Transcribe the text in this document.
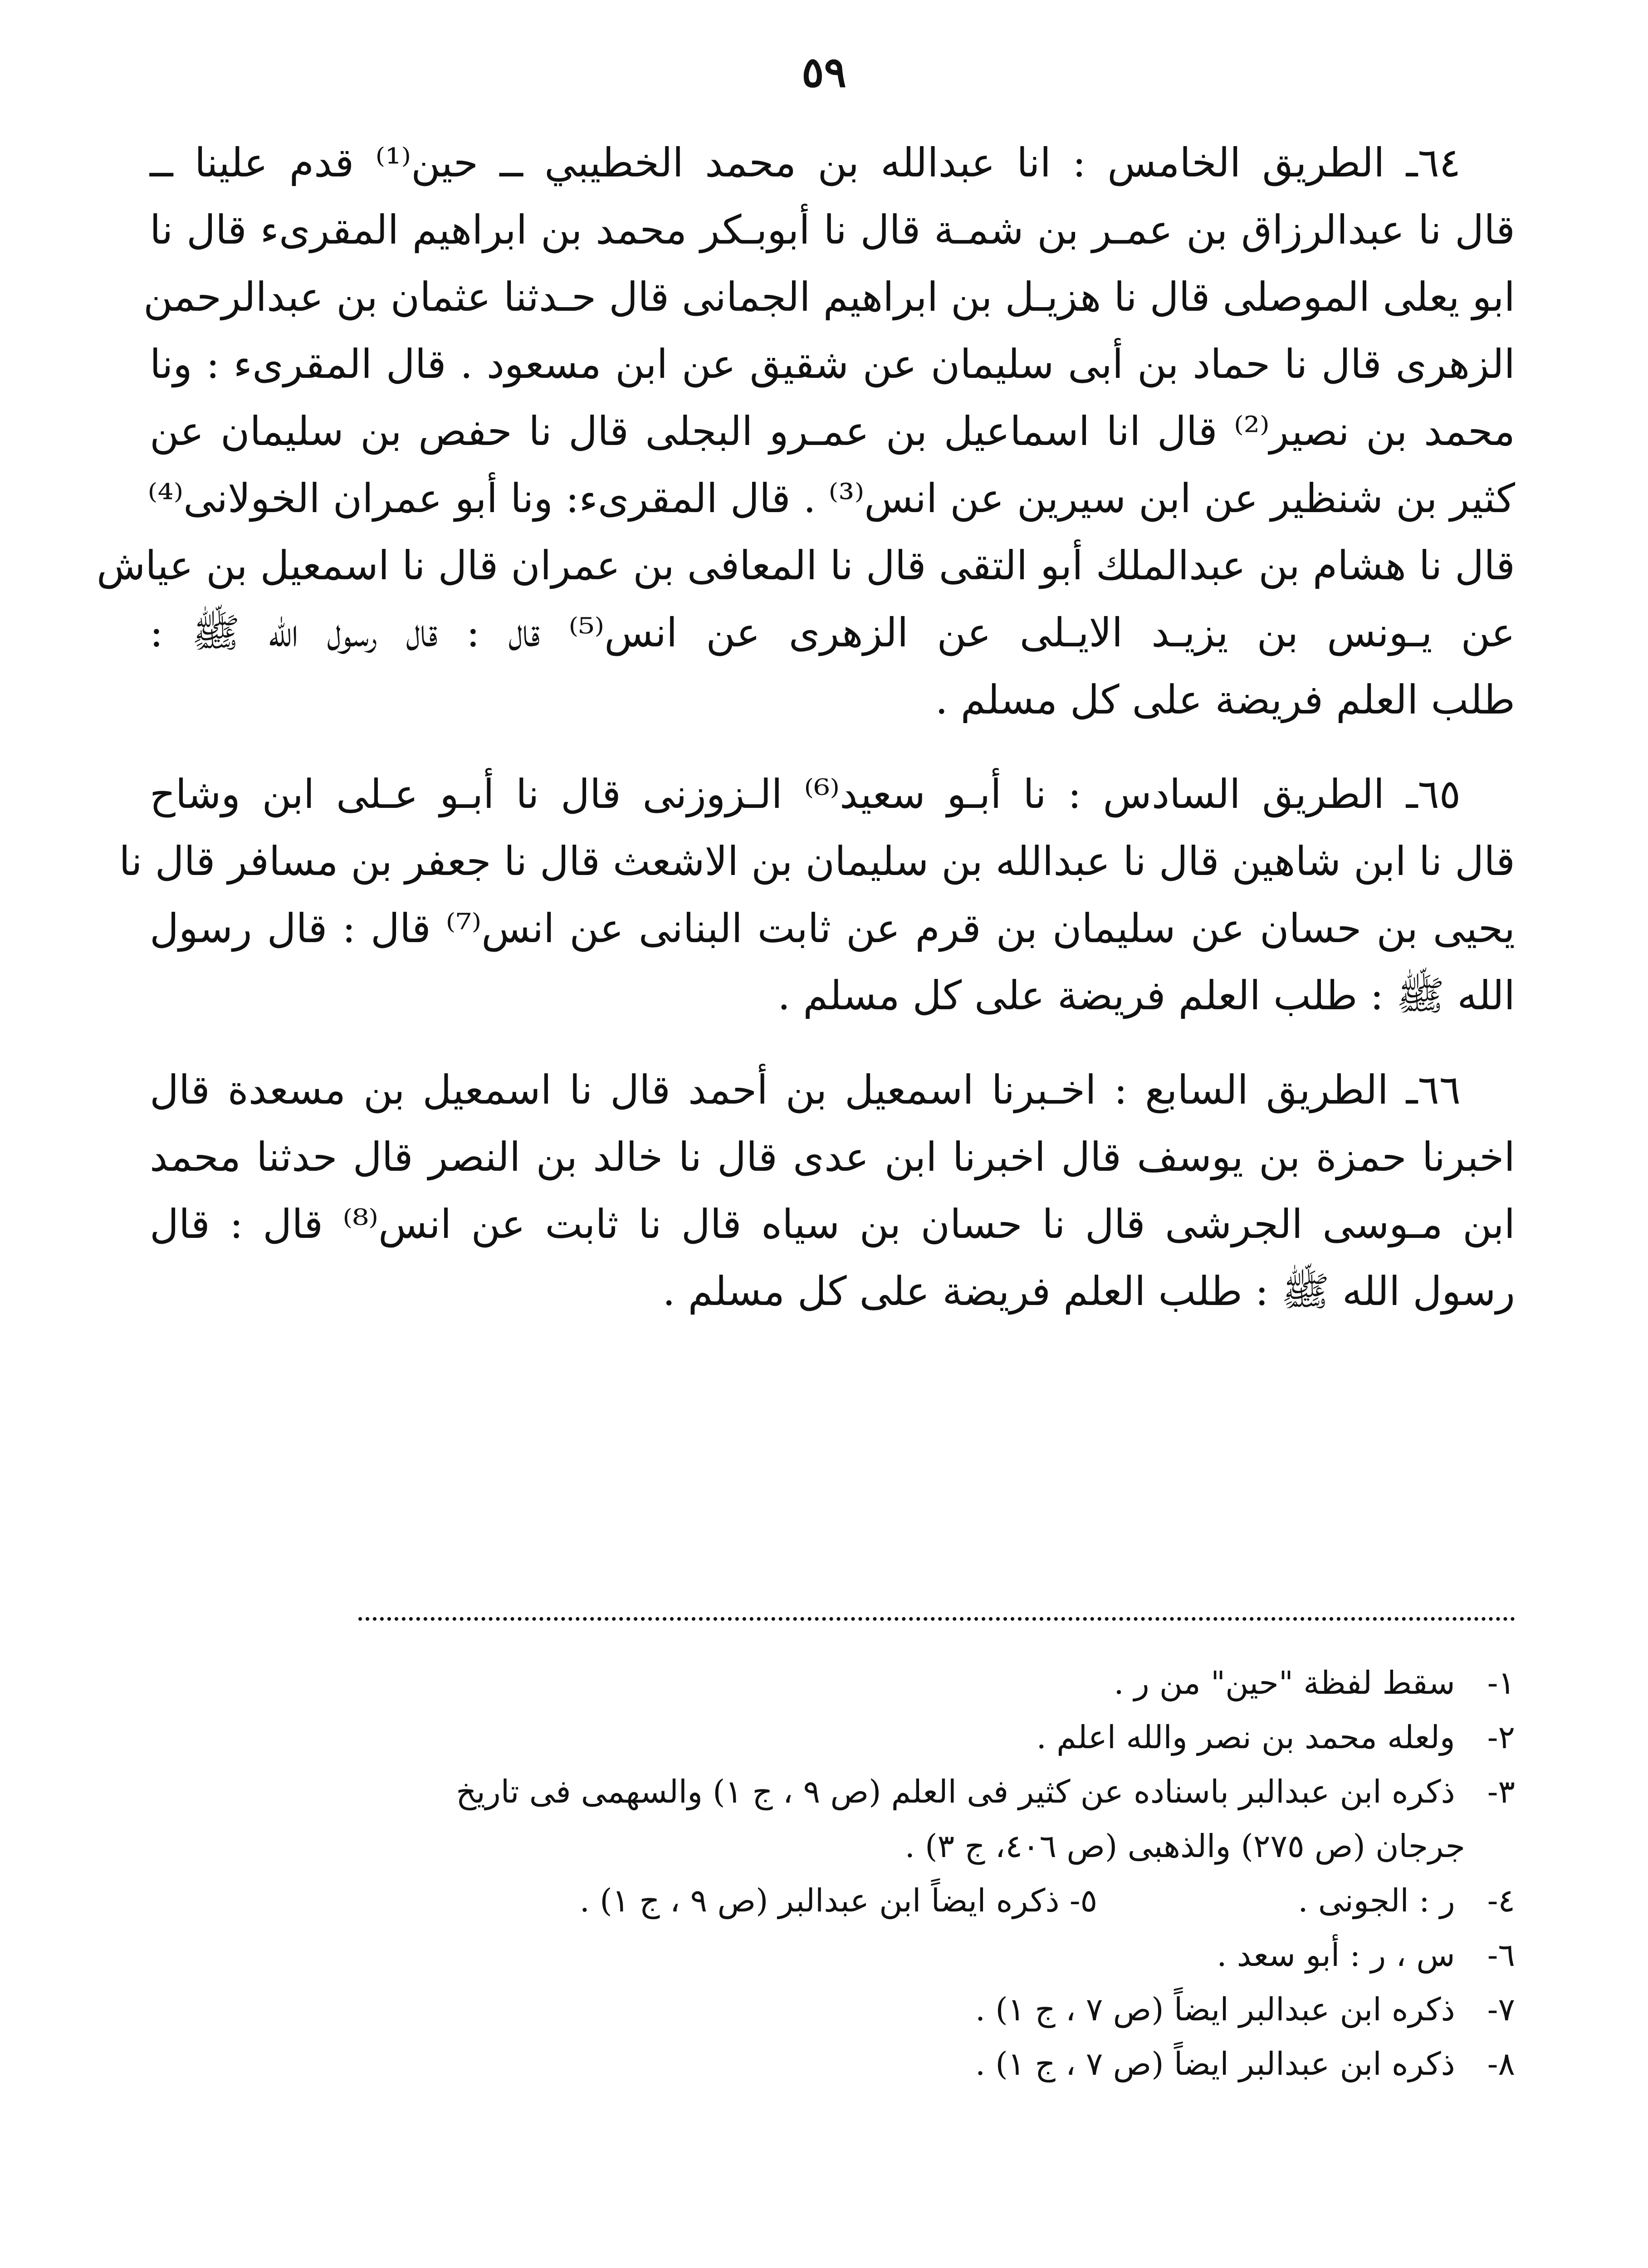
٥٩

٦٤ـ الطريق الخامس : انا عبدالله بن محمد الخطيبي ــ حين⁽¹⁾ قدم علينا ــ
قال نا عبدالرزاق بن عمـر بن شمـة قال نا أبوبـكر محمد بن ابراهيم المقرىء قال نا
ابو يعلى الموصلى قال نا هزيـل بن ابراهيم الجمانى قال حـدثنا عثمان بن عبدالرحمن
الزهرى قال نا حماد بن أبى سليمان عن شقيق عن ابن مسعود . قال المقرىء : ونا
محمد بن نصير⁽²⁾ قال انا اسماعيل بن عمـرو البجلى قال نا حفص بن سليمان عن
كثير بن شنظير عن ابن سيرين عن انس⁽³⁾ . قال المقرىء: ونا أبو عمران الخولانى⁽⁴⁾
قال نا هشام بن عبدالملك أبو التقى قال نا المعافى بن عمران قال نا اسمعيل بن عياش
عن يـونس بن يزيـد الايـلى عن الزهرى عن انس⁽⁵⁾ قال : قال رسول الله ﷺ :
طلب العلم فريضة على كل مسلم .

٦٥ـ الطريق السادس : نا أبـو سعيد⁽⁶⁾ الـزوزنى قال نا أبـو عـلى ابن وشاح
قال نا ابن شاهين قال نا عبدالله بن سليمان بن الاشعث قال نا جعفر بن مسافر قال نا
يحيى بن حسان عن سليمان بن قرم عن ثابت البنانى عن انس⁽⁷⁾ قال : قال رسول
الله ﷺ : طلب العلم فريضة على كل مسلم .

٦٦ـ الطريق السابع : اخـبرنا اسمعيل بن أحمد قال نا اسمعيل بن مسعدة قال
اخبرنا حمزة بن يوسف قال اخبرنا ابن عدى قال نا خالد بن النصر قال حدثنا محمد
ابن مـوسى الجرشى قال نا حسان بن سياه قال نا ثابت عن انس⁽⁸⁾ قال : قال
رسول الله ﷺ : طلب العلم فريضة على كل مسلم .

١- سقط لفظة "حين" من ر .
٢- ولعله محمد بن نصر والله اعلم .
٣- ذكره ابن عبدالبر باسناده عن كثير فى العلم (ص ٩ ، ج ١) والسهمى فى تاريخ
جرجان (ص ٢٧٥) والذهبى (ص ٤٠٦، ج ٣) .
٤- ر : الجونى . ٥- ذكره ايضاً ابن عبدالبر (ص ٩ ، ج ١) .
٦- س ، ر : أبو سعد .
٧- ذكره ابن عبدالبر ايضاً (ص ٧ ، ج ١) .
٨- ذكره ابن عبدالبر ايضاً (ص ٧ ، ج ١) .
